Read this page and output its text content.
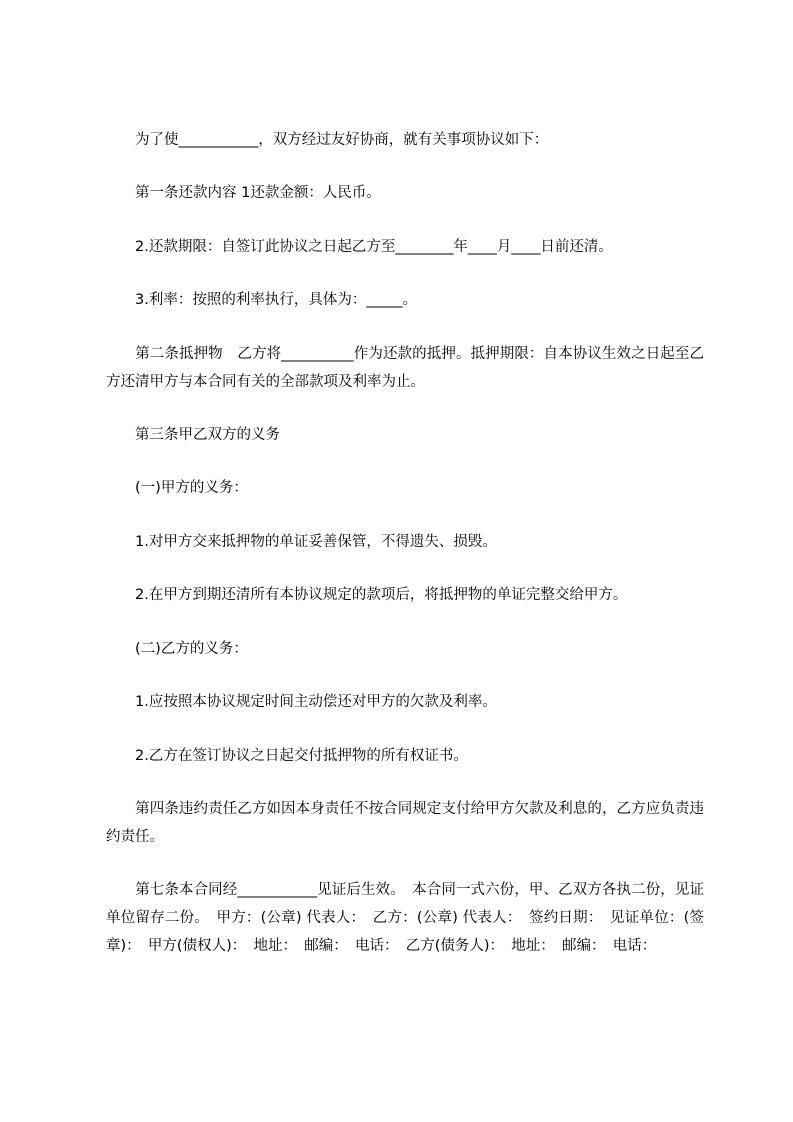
　　为了使___________，双方经过友好协商，就有关事项协议如下：

　　第一条还款内容 1还款金额：人民币。

　　2.还款期限：自签订此协议之日起乙方至________年____月____日前还清。

　　3.利率：按照的利率执行，具体为：_____。

　　第二条抵押物　乙方将__________作为还款的抵押。抵押期限：自本协议生效之日起至乙方还清甲方与本合同有关的全部款项及利率为止。

　　第三条甲乙双方的义务

　　(一)甲方的义务：

　　1.对甲方交来抵押物的单证妥善保管，不得遗失、损毁。

　　2.在甲方到期还清所有本协议规定的款项后，将抵押物的单证完整交给甲方。

　　(二)乙方的义务：

　　1.应按照本协议规定时间主动偿还对甲方的欠款及利率。

　　2.乙方在签订协议之日起交付抵押物的所有权证书。

　　第四条违约责任乙方如因本身责任不按合同规定支付给甲方欠款及利息的，乙方应负责违约责任。

　　第七条本合同经___________见证后生效。　本合同一式六份，甲、乙双方各执二份，见证单位留存二份。　甲方：(公章) 代表人：　乙方：(公章) 代表人：　签约日期：　见证单位：(签章)：　甲方(债权人)：　地址：　邮编：　电话：　乙方(债务人)：　地址：　邮编：　电话：
